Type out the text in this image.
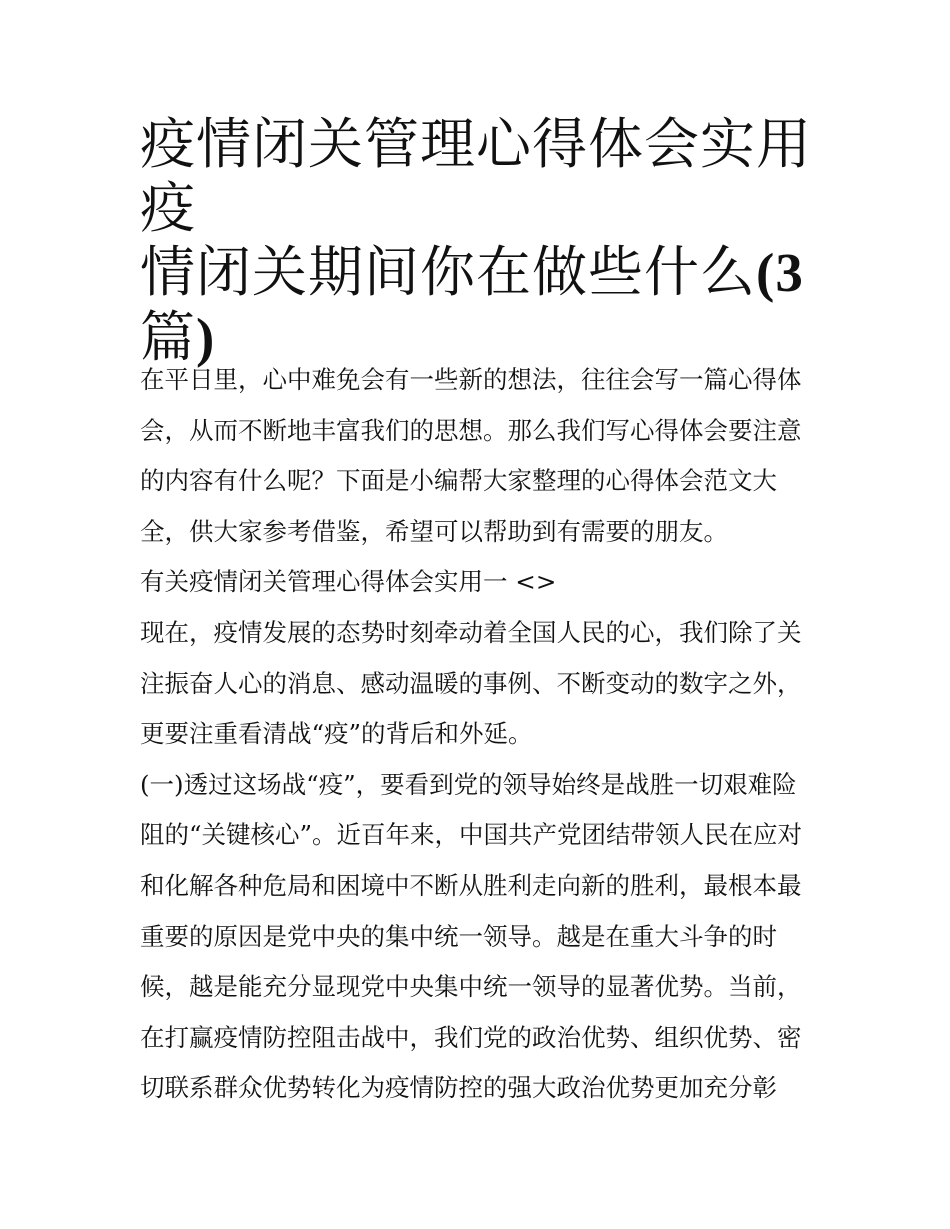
疫情闭关管理心得体会实用 疫
情闭关期间你在做些什么(3
篇)

在平日里，心中难免会有一些新的想法，往往会写一篇心得体
会，从而不断地丰富我们的思想。那么我们写心得体会要注意
的内容有什么呢？下面是小编帮大家整理的心得体会范文大
全，供大家参考借鉴，希望可以帮助到有需要的朋友。

有关疫情闭关管理心得体会实用一 <>

现在，疫情发展的态势时刻牵动着全国人民的心，我们除了关
注振奋人心的消息、感动温暖的事例、不断变动的数字之外，
更要注重看清战“疫”的背后和外延。

(一)透过这场战“疫”，要看到党的领导始终是战胜一切艰难险
阻的“关键核心”。近百年来，中国共产党团结带领人民在应对
和化解各种危局和困境中不断从胜利走向新的胜利，最根本最
重要的原因是党中央的集中统一领导。越是在重大斗争的时
候，越是能充分显现党中央集中统一领导的显著优势。当前，
在打赢疫情防控阻击战中，我们党的政治优势、组织优势、密
切联系群众优势转化为疫情防控的强大政治优势更加充分彰
